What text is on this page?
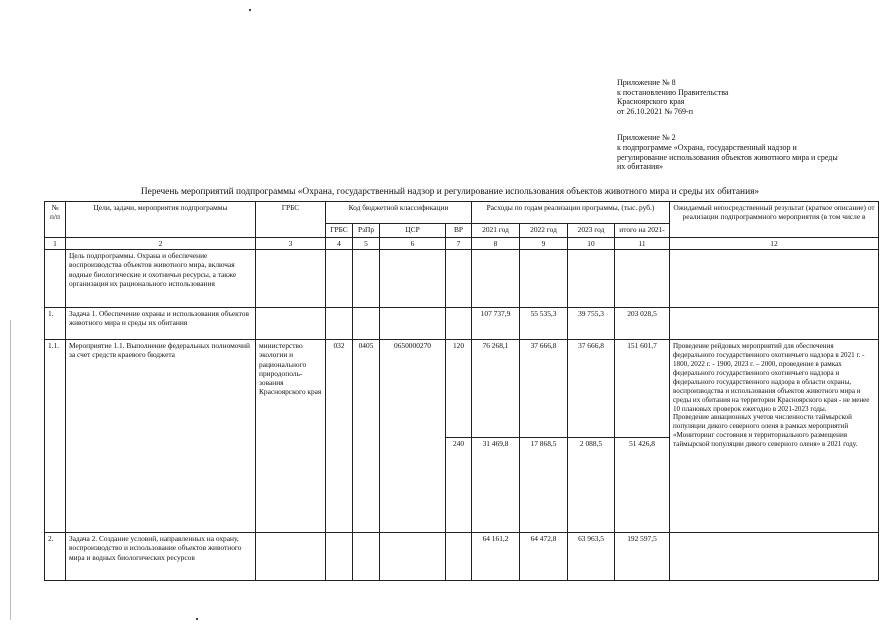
Приложение № 8
к постановлению Правительства
Красноярского края
от 26.10.2021 № 769-п
Приложение № 2
к подпрограмме «Охрана, государственный надзор и
регулирование использования объектов животного мира и среды
их обитания»
Перечень мероприятий подпрограммы «Охрана, государственный надзор и регулирование использования объектов животного мира и среды их обитания»
№ п/п	Цели, задачи, мероприятия подпрограммы	ГРБС	Код бюджетной классификации				Расходы по годам реализации программы, (тыс. руб.)				Ожидаемый непосредственный результат (краткое описание) от реализации подпрограммного мероприятия (в том числе в
			ГРБС	РзПр	ЦСР	ВР	2021 год	2022 год	2023 год	итого на 2021-	
1	2	3	4	5	6	7	8	9	10	11	12
	Цель подпрограммы. Охрана и обеспечение воспроизводства объектов животного мира, включая водные биологические и охотничьи ресурсы, а также организация их рационального использования										
1.	Задача 1. Обеспечение охраны и использования объектов животного мира и среды их обитания						107 737,9	55 535,3	39 755,3	203 028,5	
1.1.	Мероприятие 1.1. Выполнение федеральных полномочий за счет средств краевого бюджета	министерство экологии и рационального природополь- зования Красноярского края	032	0405	0650000270	120	76 268,1	37 666,8	37 666,8	151 601,7	Проведение рейдовых мероприятий для обеспечения федерального государственного охотничьего надзора в 2021 г. - 1800, 2022 г. - 1900, 2023 г. – 2000, проведение в рамках федерального государственного охотничьего надзора и федерального государственного надзора в области охраны, воспроизводства и использования объектов животного мира и среды их обитания на территории Красноярского края - не менее 10 плановых проверок ежегодно в 2021-2023 годы.
Проведение авиационных учетов численности таймырской популяции дикого северного оленя в рамках мероприятий «Мониторинг состояния и территориального размещения таймырской популяции дикого северного оленя» в 2021 году.

						240	31 469,8	17 868,5	2 088,5	51 426,8	
2.	Задача 2. Создание условий, направленных на охрану, воспроизводство и использование объектов животного мира и водных биологических ресурсов						64 161,2	64 472,8	63 963,5	192 597,5	
